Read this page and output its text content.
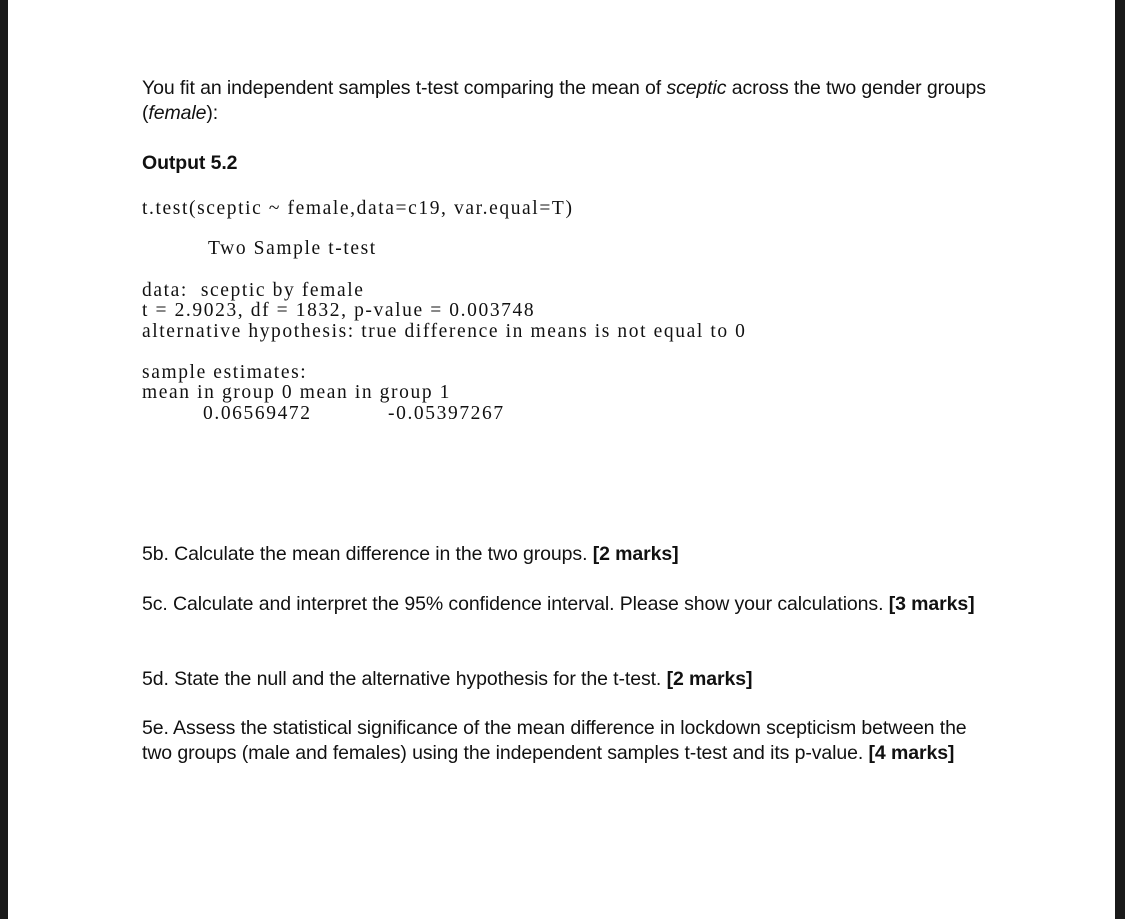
You fit an independent samples t-test comparing the mean of sceptic across the two gender groups (female):
Output 5.2
t.test(sceptic ~ female,data=c19, var.equal=T)
Two Sample t-test
data:  sceptic by female
t = 2.9023, df = 1832, p-value = 0.003748
alternative hypothesis: true difference in means is not equal to 0
sample estimates:
mean in group 0 mean in group 1
0.06569472	-0.05397267
5b. Calculate the mean difference in the two groups. [2 marks]
5c. Calculate and interpret the 95% confidence interval. Please show your calculations. [3 marks]
5d. State the null and the alternative hypothesis for the t-test. [2 marks]
5e. Assess the statistical significance of the mean difference in lockdown scepticism between the two groups (male and females) using the independent samples t-test and its p-value. [4 marks]
